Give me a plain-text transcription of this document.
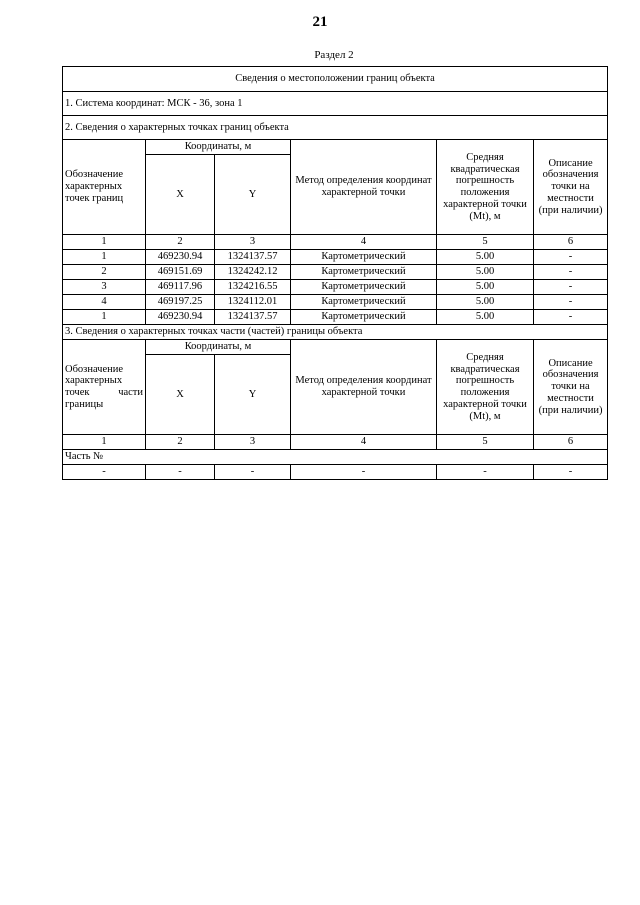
21
Раздел 2
Сведения о местоположении границ объекта					
1. Система координат: МСК - 36, зона 1					
2. Сведения о характерных точках границ объекта					
Обозначение характерных точек границ	Координаты, м		Метод определения координат характерной точки	Средняя квадратическая погрешность положения характерной точки (Mt), м	Описание обозначения точки на местности (при наличии)
	X	Y			
1	2	3	4	5	6
1	469230.94	1324137.57	Картометрический	5.00	-
2	469151.69	1324242.12	Картометрический	5.00	-
3	469117.96	1324216.55	Картометрический	5.00	-
4	469197.25	1324112.01	Картометрический	5.00	-
1	469230.94	1324137.57	Картометрический	5.00	-
3. Сведения о характерных точках части (частей) границы объекта					
Обозначение характерных точек части границы	Координаты, м		Метод определения координат характерной точки	Средняя квадратическая погрешность положения характерной точки (Mt), м	Описание обозначения точки на местности (при наличии)
	X	Y			
1	2	3	4	5	6
Часть №					
-	-	-	-	-	-
